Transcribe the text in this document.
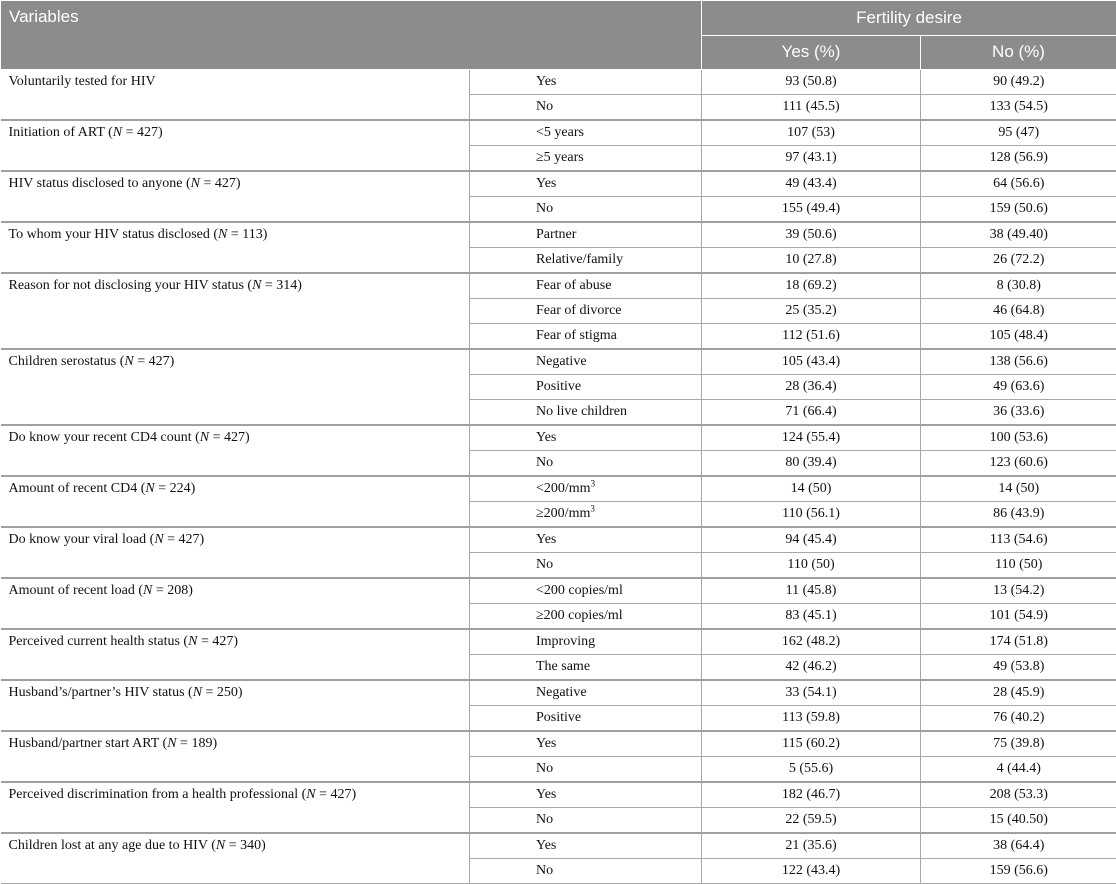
Variables		Fertility desire	
		Yes (%)	No (%)
Voluntarily tested for HIV	Yes	93 (50.8)	90 (49.2)
	No	111 (45.5)	133 (54.5)
Initiation of ART (N = 427)	<5 years	107 (53)	95 (47)
	≥5 years	97 (43.1)	128 (56.9)
HIV status disclosed to anyone (N = 427)	Yes	49 (43.4)	64 (56.6)
	No	155 (49.4)	159 (50.6)
To whom your HIV status disclosed (N = 113)	Partner	39 (50.6)	38 (49.40)
	Relative/family	10 (27.8)	26 (72.2)
Reason for not disclosing your HIV status (N = 314)	Fear of abuse	18 (69.2)	8 (30.8)
	Fear of divorce	25 (35.2)	46 (64.8)
	Fear of stigma	112 (51.6)	105 (48.4)
Children serostatus (N = 427)	Negative	105 (43.4)	138 (56.6)
	Positive	28 (36.4)	49 (63.6)
	No live children	71 (66.4)	36 (33.6)
Do know your recent CD4 count (N = 427)	Yes	124 (55.4)	100 (53.6)
	No	80 (39.4)	123 (60.6)
Amount of recent CD4 (N = 224)	$<200/mm^3$	14 (50)	14 (50)
	$\ge 200/mm^3$	110 (56.1)	86 (43.9)
Do know your viral load (N = 427)	Yes	94 (45.4)	113 (54.6)
	No	110 (50)	110 (50)
Amount of recent load (N = 208)	<200 copies/ml	11 (45.8)	13 (54.2)
	≥200 copies/ml	83 (45.1)	101 (54.9)
Perceived current health status (N = 427)	Improving	162 (48.2)	174 (51.8)
	The same	42 (46.2)	49 (53.8)
Husband’s/partner’s HIV status (N = 250)	Negative	33 (54.1)	28 (45.9)
	Positive	113 (59.8)	76 (40.2)
Husband/partner start ART (N = 189)	Yes	115 (60.2)	75 (39.8)
	No	5 (55.6)	4 (44.4)
Perceived discrimination from a health professional (N = 427)	Yes	182 (46.7)	208 (53.3)
	No	22 (59.5)	15 (40.50)
Children lost at any age due to HIV (N = 340)	Yes	21 (35.6)	38 (64.4)
	No	122 (43.4)	159 (56.6)
